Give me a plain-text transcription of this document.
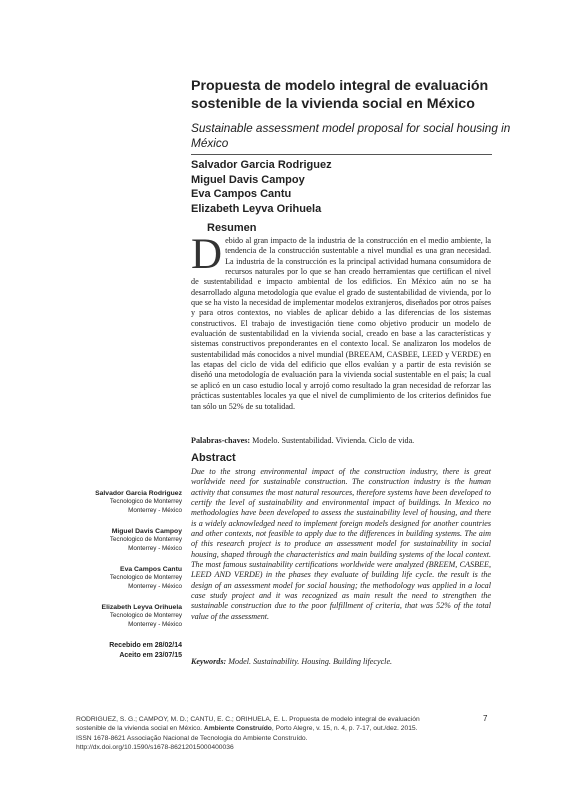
Propuesta de modelo integral de evaluación sostenible de la vivienda social en México
Sustainable assessment model proposal for social housing in México
Salvador Garcia Rodriguez
Miguel Davis Campoy
Eva Campos Cantu
Elizabeth Leyva Orihuela
Resumen
D ebido al gran impacto de la industria de la construcción en el medio ambiente, la tendencia de la construcción sustentable a nivel mundial es una gran necesidad. La industria de la construcción es la principal actividad humana consumidora de recursos naturales por lo que se han creado herramientas que certifican el nivel de sustentabilidad e impacto ambiental de los edificios. En México aún no se ha desarrollado alguna metodología que evalue el grado de sustentabilidad de vivienda, por lo que se ha visto la necesidad de implementar modelos extranjeros, diseñados por otros países y para otros contextos, no viables de aplicar debido a las diferencias de los sistemas constructivos. El trabajo de investigación tiene como objetivo producir un modelo de evaluación de sustentabilidad en la vivienda social, creado en base a las características y sistemas constructivos preponderantes en el contexto local. Se analizaron los modelos de sustentabilidad más conocidos a nivel mundial (BREEAM, CASBEE, LEED y VERDE) en las etapas del ciclo de vida del edificio que ellos evalúan y a partir de esta revisión se diseñó una metodología de evaluación para la vivienda social sustentable en el país; la cual se aplicó en un caso estudio local y arrojó como resultado la gran necesidad de reforzar las prácticas sustentables locales ya que el nivel de cumplimiento de los criterios definidos fue tan sólo un 52% de su totalidad.
Palabras-chaves: Modelo. Sustentabilidad. Vivienda. Ciclo de vida.
Abstract
Due to the strong environmental impact of the construction industry, there is great worldwide need for sustainable construction. The construction industry is the human activity that consumes the most natural resources, therefore systems have been developed to certify the level of sustainability and environmental impact of buildings. In Mexico no methodologies have been developed to assess the sustainability level of housing, and there is a widely acknowledged need to implement foreign models designed for another countries and other contexts, not feasible to apply due to the differences in building systems. The aim of this research project is to produce an assessment model for sustainability in social housing, shaped through the characteristics and main building systems of the local context. The most famous sustainability certifications worldwide were analyzed (BREEM, CASBEE, LEED AND VERDE) in the phases they evaluate of building life cycle. the result is the design of an assessment model for social housing; the methodology was applied in a local case study project and it was recognized as main result the need to strengthen the sustainable construction due to the poor fulfillment of criteria, that was 52% of the total value of the assessment.
Keywords: Model. Sustainability. Housing. Building lifecycle.
Salvador Garcia Rodriguez
Tecnologico de Monterrey
Monterrey - México
Miguel Davis Campoy
Tecnologico de Monterrey
Monterrey - México
Eva Campos Cantu
Tecnologico de Monterrey
Monterrey - México
Elizabeth Leyva Orihuela
Tecnologico de Monterrey
Monterrey - México
Recebido em 28/02/14
Aceito em 23/07/15
RODRIGUEZ, S. G.; CAMPOY, M. D.; CANTU, E. C.; ORIHUELA, E. L. Propuesta de modelo integral de evaluación
sostenible de la vivienda social en México. Ambiente Construído, Porto Alegre, v. 15, n. 4, p. 7-17, out./dez. 2015.
ISSN 1678-8621 Associação Nacional de Tecnologia do Ambiente Construído.
http://dx.doi.org/10.1590/s1678-86212015000400036
7
